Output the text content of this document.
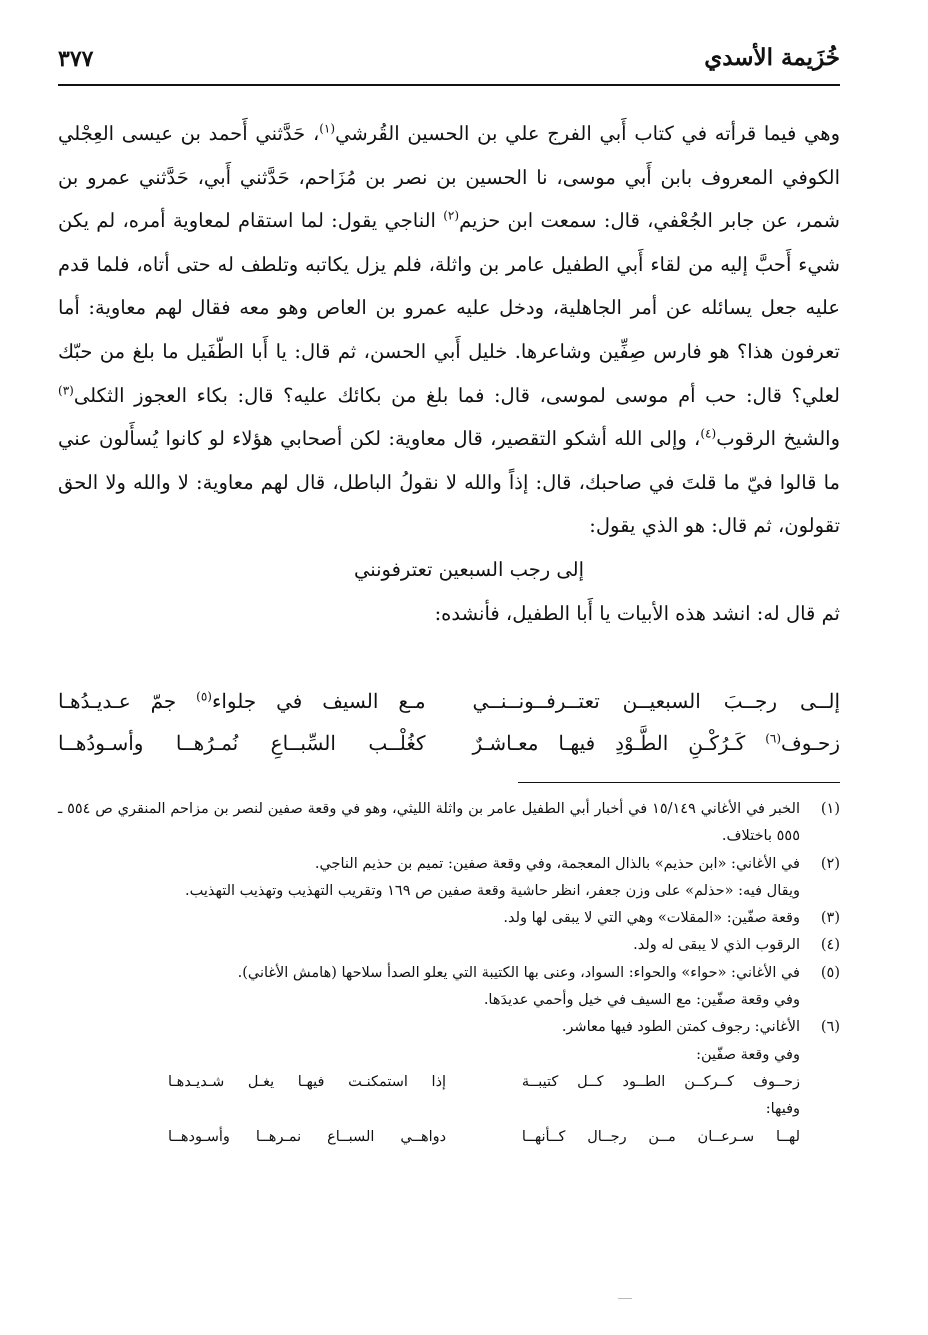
خُزَيمة الأسدي
٣٧٧

وهي فيما قرأته في كتاب أَبي الفرج علي بن الحسين القُرشي$^{(١)}$، حَدَّثني أَحمد بن عيسى العِجْلي الكوفي المعروف بابن أَبي موسى، نا الحسين بن نصر بن مُزَاحم، حَدَّثني أَبي، حَدَّثني عمرو بن شمر، عن جابر الجُعْفي، قال: سمعت ابن حزيم$^{(٢)}$ الناجي يقول: لما استقام لمعاوية أمره، لم يكن شيء أَحبَّ إليه من لقاء أَبي الطفيل عامر بن واثلة، فلم يزل يكاتبه وتلطف له حتى أتاه، فلما قدم عليه جعل يسائله عن أمر الجاهلية، ودخل عليه عمرو بن العاص وهو معه فقال لهم معاوية: أما تعرفون هذا؟ هو فارس صِفِّين وشاعرها. خليل أَبي الحسن، ثم قال: يا أَبا الطّفَيل ما بلغ من حبّك لعلي؟ قال: حب أم موسى لموسى، قال: فما بلغ من بكائك عليه؟ قال: بكاء العجوز الثكلى$^{(٣)}$ والشيخ الرقوب$^{(٤)}$، وإلى الله أشكو التقصير، قال معاوية: لكن أصحابي هؤلاء لو كانوا يُسأَلون عني ما قالوا فيّ ما قلتَ في صاحبك، قال: إذاً والله لا نقولُ الباطل، قال لهم معاوية: لا والله ولا الحق تقولون، ثم قال: هو الذي يقول:

إلى رجب السبعين تعترفونني

ثم قال له: انشد هذه الأبيات يا أَبا الطفيل، فأنشده:

إلــى رجــبَ السبعيــن تعتــرفــونــنــي
مـع السيف في جلواء$^{(٥)}$ جمّ عـديـدُهـا
زحـوف$^{(٦)}$ كَـرُكْـنِ الطَّـوْدِ فيهـا معـاشـرٌ
كغُلْــب السِّبــاعِ نُمـرُهــا وأسـودُهــا
(١)
الخبر في الأغاني ١٥/١٤٩ في أخبار أبي الطفيل عامر بن واثلة الليثي، وهو في وقعة صفين لنصر بن مزاحم المنقري ص ٥٥٤ ـ ٥٥٥ باختلاف.
(٢)
في الأغاني: «ابن حذيم» بالذال المعجمة، وفي وقعة صفين: تميم بن حذيم الناجي.
ويقال فيه: «حذلم» على وزن جعفر، انظر حاشية وقعة صفين ص ١٦٩ وتقريب التهذيب وتهذيب التهذيب.
(٣)
وقعة صفّين: «المقلات» وهي التي لا يبقى لها ولد.
(٤)
الرقوب الذي لا يبقى له ولد.
(٥)
في الأغاني: «حواء» والحواء: السواد، وعنى بها الكتيبة التي يعلو الصدأ سلاحها (هامش الأغاني).
وفي وقعة صفّين: مع السيف في خيل وأحمي عديدَها.
(٦)
الأغاني: رجوف كمتن الطود فيها معاشر.
وفي وقعة صفّين:
زحــوف كــركــن الطــود كــل كتيبــة
إذا استمكنـت فيهـا يغـل شـديـدهـا
وفيها:
لهــا سـرعــان مــن رجــال كــأنهــا
دواهــي السبــاع نمـرهــا وأسـودهــا
